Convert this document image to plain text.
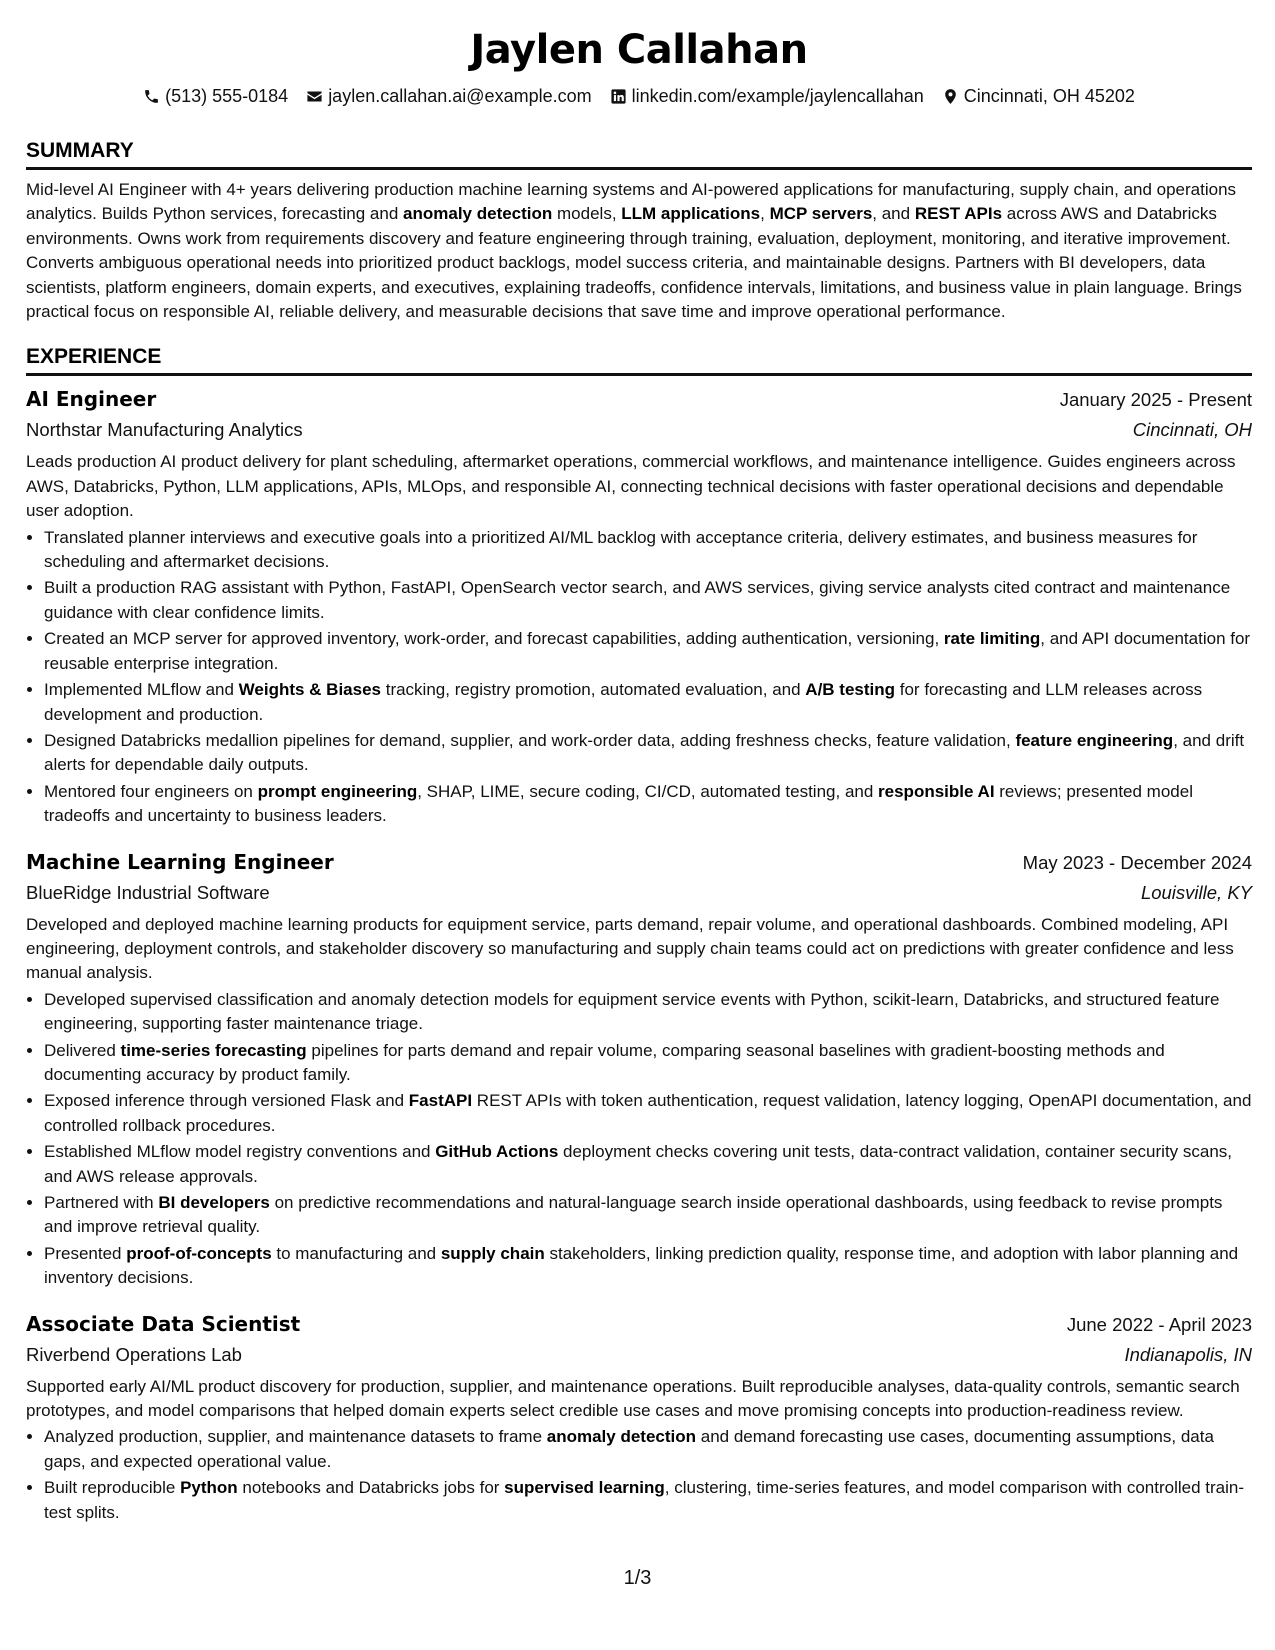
Jaylen Callahan
(513) 555-0184 jaylen.callahan.ai@example.com linkedin.com/example/jaylencallahan Cincinnati, OH 45202
SUMMARY
Mid-level AI Engineer with 4+ years delivering production machine learning systems and AI-powered applications for manufacturing, supply chain, and operations analytics. Builds Python services, forecasting and anomaly detection models, LLM applications, MCP servers, and REST APIs across AWS and Databricks environments. Owns work from requirements discovery and feature engineering through training, evaluation, deployment, monitoring, and iterative improvement. Converts ambiguous operational needs into prioritized product backlogs, model success criteria, and maintainable designs. Partners with BI developers, data scientists, platform engineers, domain experts, and executives, explaining tradeoffs, confidence intervals, limitations, and business value in plain language. Brings practical focus on responsible AI, reliable delivery, and measurable decisions that save time and improve operational performance.
EXPERIENCE
AI Engineer	January 2025 - Present
Northstar Manufacturing Analytics	Cincinnati, OH
Leads production AI product delivery for plant scheduling, aftermarket operations, commercial workflows, and maintenance intelligence. Guides engineers across AWS, Databricks, Python, LLM applications, APIs, MLOps, and responsible AI, connecting technical decisions with faster operational decisions and dependable user adoption.
• Translated planner interviews and executive goals into a prioritized AI/ML backlog with acceptance criteria, delivery estimates, and business measures for scheduling and aftermarket decisions.
• Built a production RAG assistant with Python, FastAPI, OpenSearch vector search, and AWS services, giving service analysts cited contract and maintenance guidance with clear confidence limits.
• Created an MCP server for approved inventory, work-order, and forecast capabilities, adding authentication, versioning, rate limiting, and API documentation for reusable enterprise integration.
• Implemented MLflow and Weights & Biases tracking, registry promotion, automated evaluation, and A/B testing for forecasting and LLM releases across development and production.
• Designed Databricks medallion pipelines for demand, supplier, and work-order data, adding freshness checks, feature validation, feature engineering, and drift alerts for dependable daily outputs.
• Mentored four engineers on prompt engineering, SHAP, LIME, secure coding, CI/CD, automated testing, and responsible AI reviews; presented model tradeoffs and uncertainty to business leaders.
Machine Learning Engineer	May 2023 - December 2024
BlueRidge Industrial Software	Louisville, KY
Developed and deployed machine learning products for equipment service, parts demand, repair volume, and operational dashboards. Combined modeling, API engineering, deployment controls, and stakeholder discovery so manufacturing and supply chain teams could act on predictions with greater confidence and less manual analysis.
• Developed supervised classification and anomaly detection models for equipment service events with Python, scikit-learn, Databricks, and structured feature engineering, supporting faster maintenance triage.
• Delivered time-series forecasting pipelines for parts demand and repair volume, comparing seasonal baselines with gradient-boosting methods and documenting accuracy by product family.
• Exposed inference through versioned Flask and FastAPI REST APIs with token authentication, request validation, latency logging, OpenAPI documentation, and controlled rollback procedures.
• Established MLflow model registry conventions and GitHub Actions deployment checks covering unit tests, data-contract validation, container security scans, and AWS release approvals.
• Partnered with BI developers on predictive recommendations and natural-language search inside operational dashboards, using feedback to revise prompts and improve retrieval quality.
• Presented proof-of-concepts to manufacturing and supply chain stakeholders, linking prediction quality, response time, and adoption with labor planning and inventory decisions.
Associate Data Scientist	June 2022 - April 2023
Riverbend Operations Lab	Indianapolis, IN
Supported early AI/ML product discovery for production, supplier, and maintenance operations. Built reproducible analyses, data-quality controls, semantic search prototypes, and model comparisons that helped domain experts select credible use cases and move promising concepts into production-readiness review.
• Analyzed production, supplier, and maintenance datasets to frame anomaly detection and demand forecasting use cases, documenting assumptions, data gaps, and expected operational value.
• Built reproducible Python notebooks and Databricks jobs for supervised learning, clustering, time-series features, and model comparison with controlled train-test splits.
1/3
